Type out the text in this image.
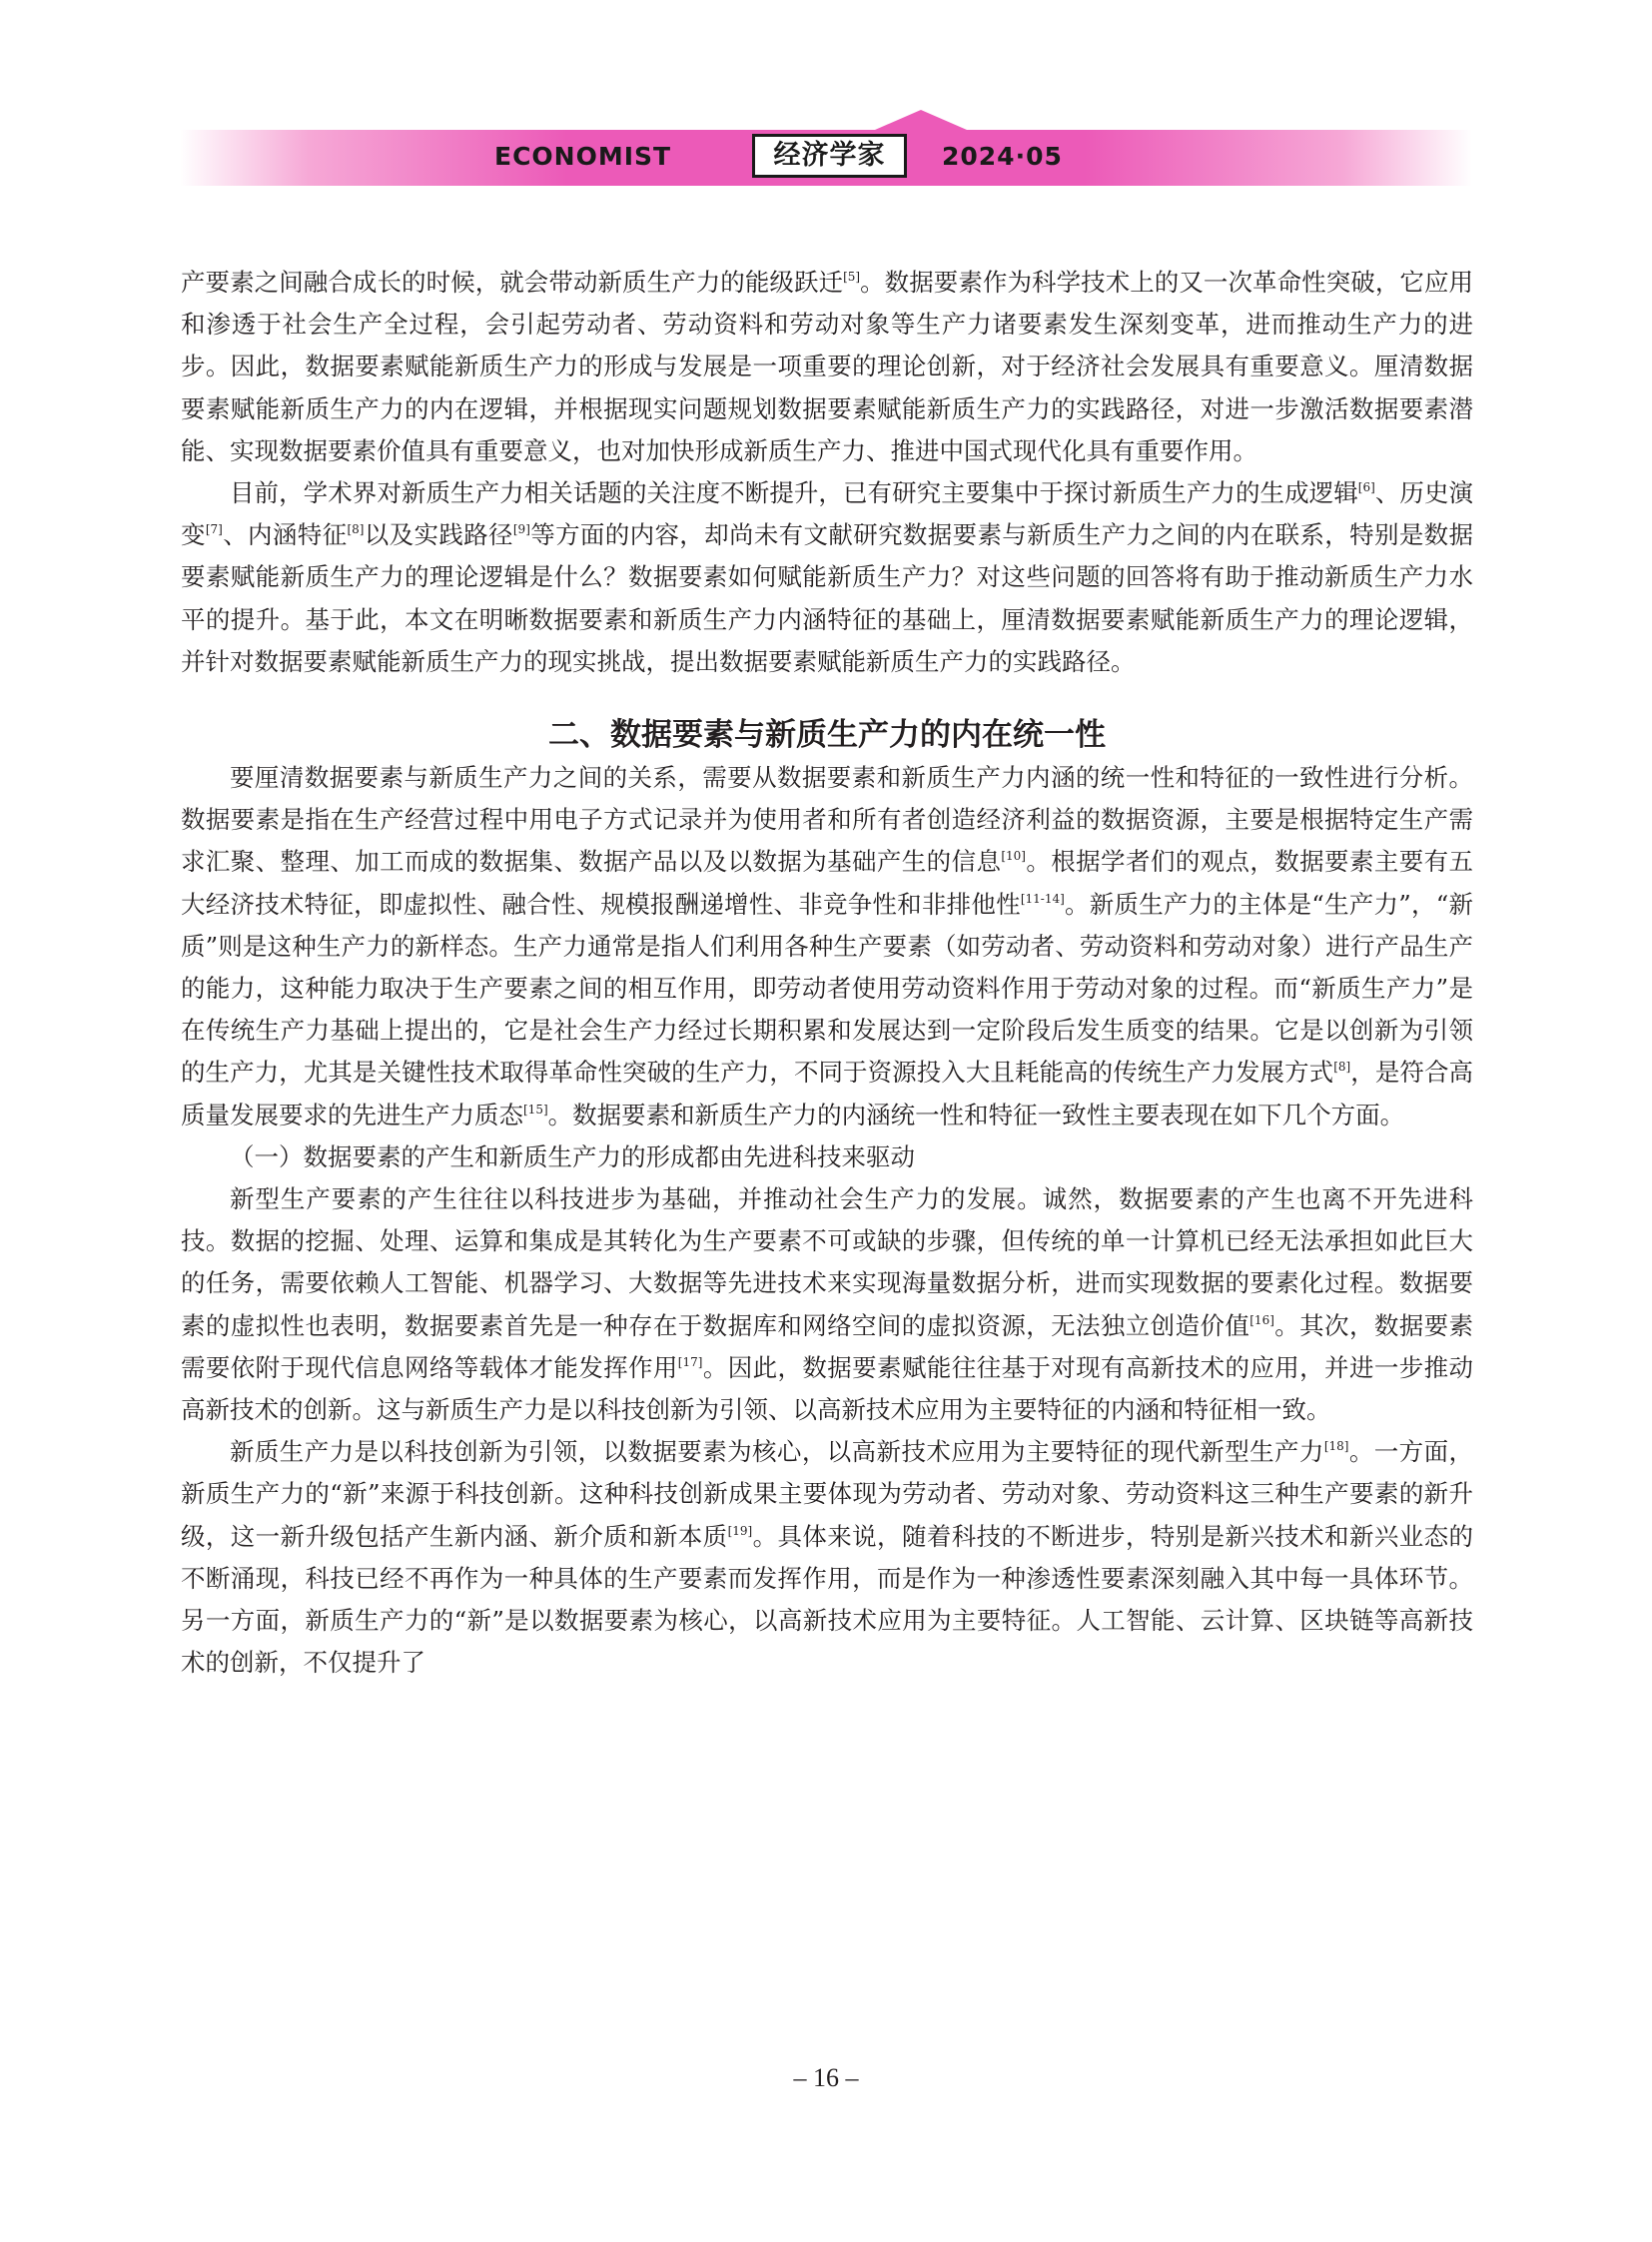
ECONOMIST	经济学家	2024·05

产要素之间融合成长的时候，就会带动新质生产力的能级跃迁[5]。数据要素作为科学技术上的又一次革命性突破，它应用和渗透于社会生产全过程，会引起劳动者、劳动资料和劳动对象等生产力诸要素发生深刻变革，进而推动生产力的进步。因此，数据要素赋能新质生产力的形成与发展是一项重要的理论创新，对于经济社会发展具有重要意义。厘清数据要素赋能新质生产力的内在逻辑，并根据现实问题规划数据要素赋能新质生产力的实践路径，对进一步激活数据要素潜能、实现数据要素价值具有重要意义，也对加快形成新质生产力、推进中国式现代化具有重要作用。

目前，学术界对新质生产力相关话题的关注度不断提升，已有研究主要集中于探讨新质生产力的生成逻辑[6]、历史演变[7]、内涵特征[8]以及实践路径[9]等方面的内容，却尚未有文献研究数据要素与新质生产力之间的内在联系，特别是数据要素赋能新质生产力的理论逻辑是什么？数据要素如何赋能新质生产力？对这些问题的回答将有助于推动新质生产力水平的提升。基于此，本文在明晰数据要素和新质生产力内涵特征的基础上，厘清数据要素赋能新质生产力的理论逻辑，并针对数据要素赋能新质生产力的现实挑战，提出数据要素赋能新质生产力的实践路径。

二、数据要素与新质生产力的内在统一性

要厘清数据要素与新质生产力之间的关系，需要从数据要素和新质生产力内涵的统一性和特征的一致性进行分析。数据要素是指在生产经营过程中用电子方式记录并为使用者和所有者创造经济利益的数据资源，主要是根据特定生产需求汇聚、整理、加工而成的数据集、数据产品以及以数据为基础产生的信息[10]。根据学者们的观点，数据要素主要有五大经济技术特征，即虚拟性、融合性、规模报酬递增性、非竞争性和非排他性[11-14]。新质生产力的主体是“生产力”，“新质”则是这种生产力的新样态。生产力通常是指人们利用各种生产要素（如劳动者、劳动资料和劳动对象）进行产品生产的能力，这种能力取决于生产要素之间的相互作用，即劳动者使用劳动资料作用于劳动对象的过程。而“新质生产力”是在传统生产力基础上提出的，它是社会生产力经过长期积累和发展达到一定阶段后发生质变的结果。它是以创新为引领的生产力，尤其是关键性技术取得革命性突破的生产力，不同于资源投入大且耗能高的传统生产力发展方式[8]，是符合高质量发展要求的先进生产力质态[15]。数据要素和新质生产力的内涵统一性和特征一致性主要表现在如下几个方面。

（一）数据要素的产生和新质生产力的形成都由先进科技来驱动

新型生产要素的产生往往以科技进步为基础，并推动社会生产力的发展。诚然，数据要素的产生也离不开先进科技。数据的挖掘、处理、运算和集成是其转化为生产要素不可或缺的步骤，但传统的单一计算机已经无法承担如此巨大的任务，需要依赖人工智能、机器学习、大数据等先进技术来实现海量数据分析，进而实现数据的要素化过程。数据要素的虚拟性也表明，数据要素首先是一种存在于数据库和网络空间的虚拟资源，无法独立创造价值[16]。其次，数据要素需要依附于现代信息网络等载体才能发挥作用[17]。因此，数据要素赋能往往基于对现有高新技术的应用，并进一步推动高新技术的创新。这与新质生产力是以科技创新为引领、以高新技术应用为主要特征的内涵和特征相一致。

新质生产力是以科技创新为引领，以数据要素为核心，以高新技术应用为主要特征的现代新型生产力[18]。一方面，新质生产力的“新”来源于科技创新。这种科技创新成果主要体现为劳动者、劳动对象、劳动资料这三种生产要素的新升级，这一新升级包括产生新内涵、新介质和新本质[19]。具体来说，随着科技的不断进步，特别是新兴技术和新兴业态的不断涌现，科技已经不再作为一种具体的生产要素而发挥作用，而是作为一种渗透性要素深刻融入其中每一具体环节。另一方面，新质生产力的“新”是以数据要素为核心，以高新技术应用为主要特征。人工智能、云计算、区块链等高新技术的创新，不仅提升了

– 16 –
